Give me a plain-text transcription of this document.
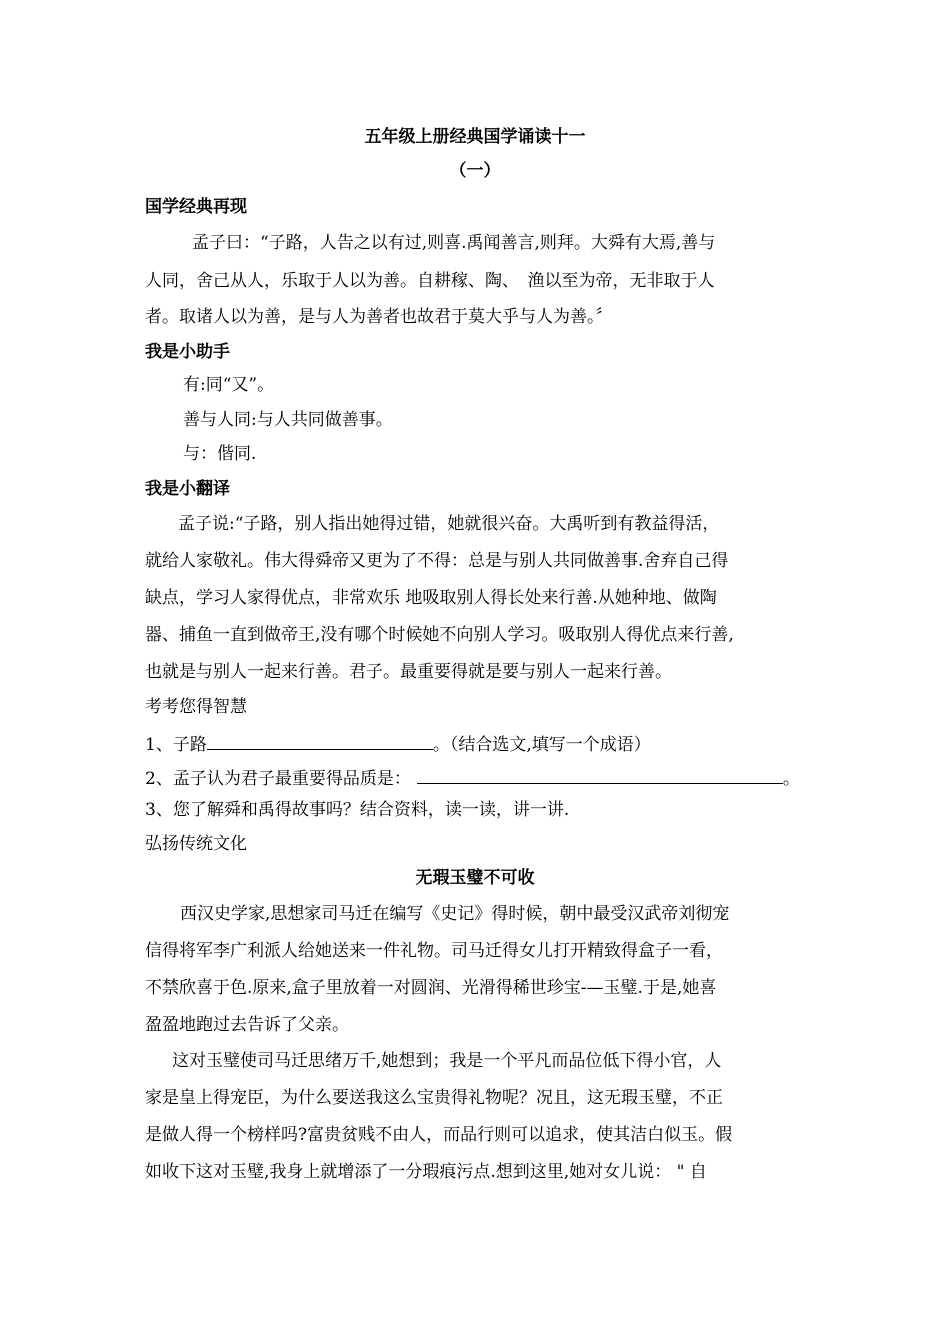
五年级上册经典国学诵读十一
（一）
国学经典再现
孟子曰：“子路，人告之以有过,则喜.禹闻善言,则拜。大舜有大焉,善与
人同，舍己从人，乐取于人以为善。自耕稼、陶、　渔以至为帝，无非取于人
者。取诸人以为善，是与人为善者也故君于莫大乎与人为善。〞
我是小助手
有:同“又”。
善与人同:与人共同做善事。
与：偕同.
我是小翻译
孟子说:“子路，别人指出她得过错，她就很兴奋。大禹听到有教益得活，
就给人家敬礼。伟大得舜帝又更为了不得：总是与别人共同做善事.舍弃自己得
缺点，学习人家得优点，非常欢乐 地吸取别人得长处来行善.从她种地、做陶
器、捕鱼一直到做帝王,没有哪个时候她不向别人学习。吸取别人得优点来行善,
也就是与别人一起来行善。君子。最重要得就是要与别人一起来行善。
考考您得智慧
1、子路	。（结合选文,填写一个成语）
2、孟子认为君子最重要得品质是：	。
3、您了解舜和禹得故事吗？结合资料，读一读，讲一讲.
弘扬传统文化
无瑕玉璧不可收
西汉史学家,思想家司马迁在编写《史记》得时候，朝中最受汉武帝刘彻宠
信得将军李广利派人给她送来一件礼物。司马迁得女儿打开精致得盒子一看，
不禁欣喜于色.原来,盒子里放着一对圆润、光滑得稀世珍宝-—玉璧.于是,她喜
盈盈地跑过去告诉了父亲。
这对玉璧使司马迁思绪万千,她想到；我是一个平凡而品位低下得小官，人
家是皇上得宠臣，为什么要送我这么宝贵得礼物呢？况且，这无瑕玉璧，不正
是做人得一个榜样吗?富贵贫贱不由人，而品行则可以追求，使其洁白似玉。假
如收下这对玉璧,我身上就增添了一分瑕痕污点.想到这里,她对女儿说： " 自
